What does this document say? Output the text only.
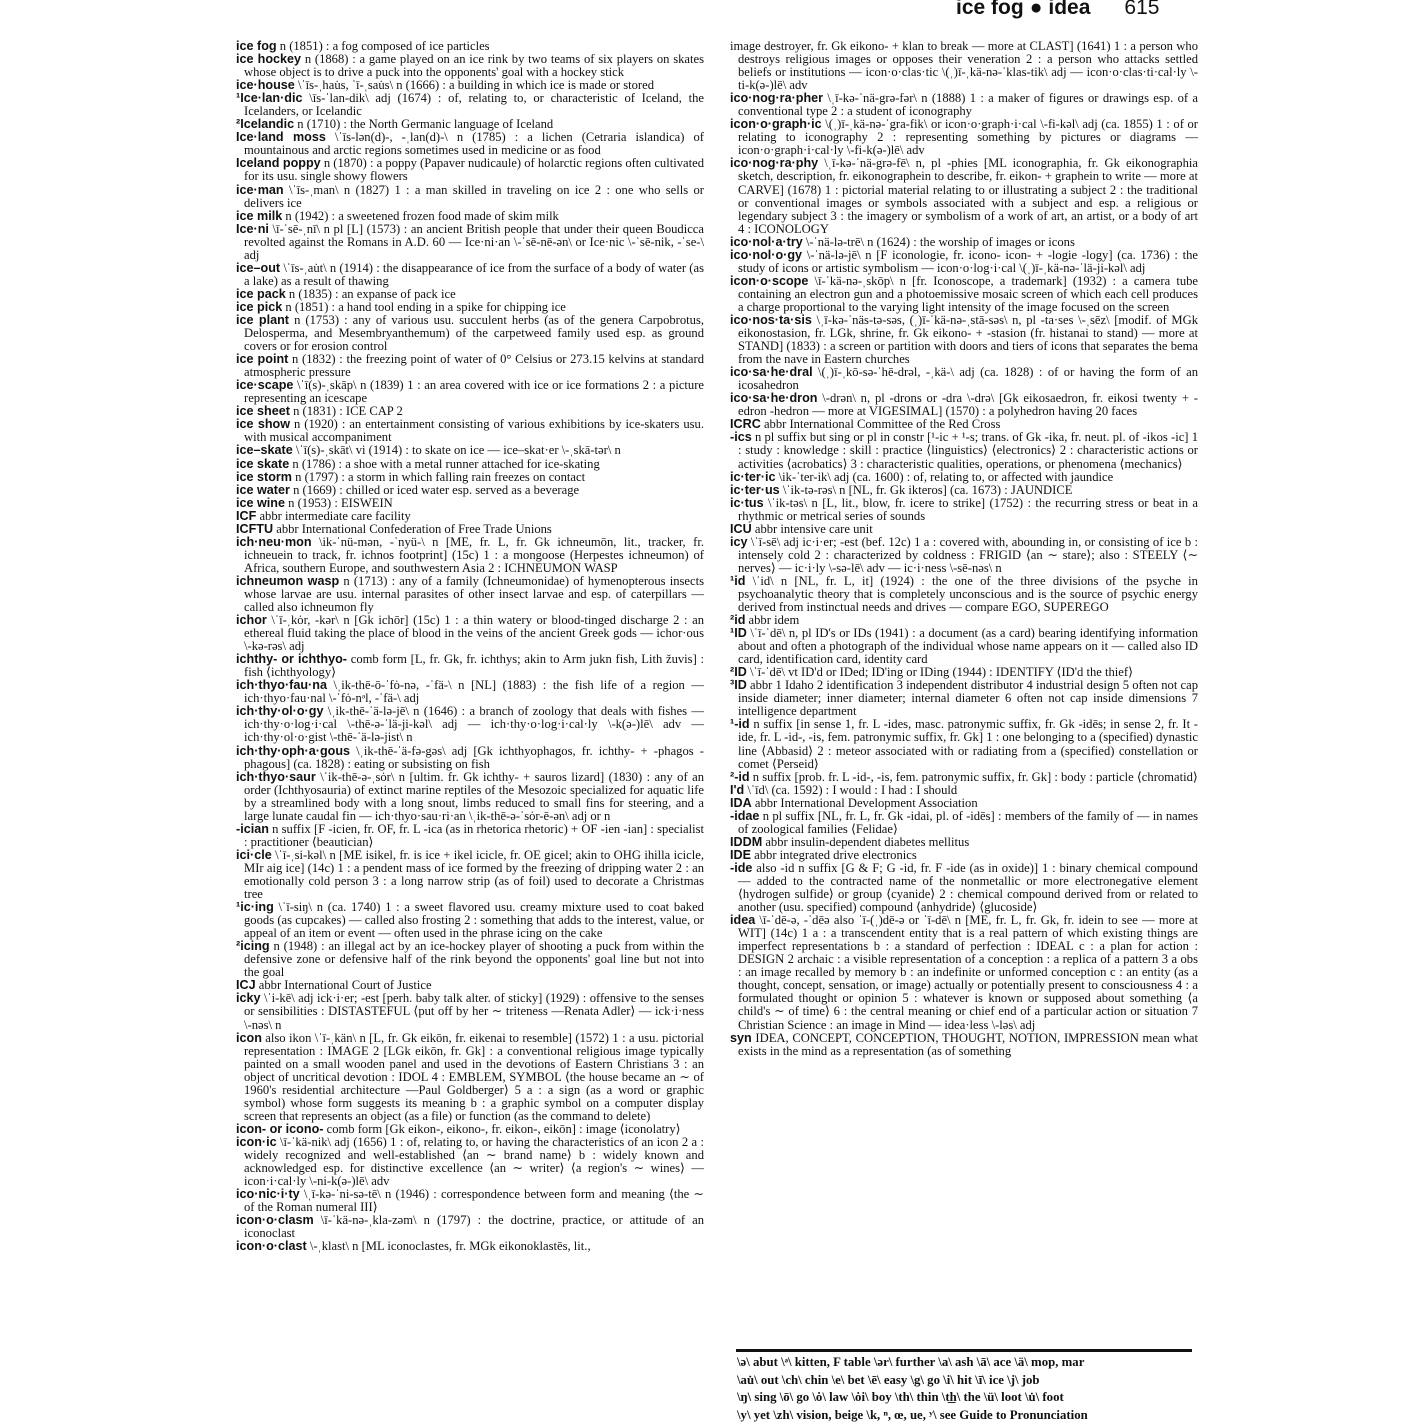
ice fog ● idea 615

ice fog n (1851) : a fog composed of ice particles

ice hockey n (1868) : a game played on an ice rink by two teams of six players on skates whose object is to drive a puck into the opponents' goal with a hockey stick

ice·house \ˈīs-ˌhau̇s, ˈī-ˌsau̇s\ n (1666) : a building in which ice is made or stored

¹Ice·lan·dic \īs-ˈlan-dik\ adj (1674) : of, relating to, or characteristic of Iceland, the Icelanders, or Icelandic

²Icelandic n (1710) : the North Germanic language of Iceland

Ice·land moss \ˈīs-lən(d)-, -ˌlan(d)-\ n (1785) : a lichen (Cetraria islandica) of mountainous and arctic regions sometimes used in medicine or as food

Iceland poppy n (1870) : a poppy (Papaver nudicaule) of holarctic regions often cultivated for its usu. single showy flowers

ice·man \ˈīs-ˌman\ n (1827) 1 : a man skilled in traveling on ice 2 : one who sells or delivers ice

ice milk n (1942) : a sweetened frozen food made of skim milk

Ice·ni \ī-ˈsē-ˌnī\ n pl [L] (1573) : an ancient British people that under their queen Boudicca revolted against the Romans in A.D. 60 — Ice·ni·an \-ˈsē-nē-ən\ or Ice·nic \-ˈsē-nik, -ˈse-\ adj

ice–out \ˈīs-ˌau̇t\ n (1914) : the disappearance of ice from the surface of a body of water (as a lake) as a result of thawing

ice pack n (1835) : an expanse of pack ice

ice pick n (1851) : a hand tool ending in a spike for chipping ice

ice plant n (1753) : any of various usu. succulent herbs (as of the genera Carpobrotus, Delosperma, and Mesembryanthemum) of the carpetweed family used esp. as ground covers or for erosion control

ice point n (1832) : the freezing point of water of 0° Celsius or 273.15 kelvins at standard atmospheric pressure

ice·scape \ˈī(s)-ˌskāp\ n (1839) 1 : an area covered with ice or ice formations 2 : a picture representing an icescape

ice sheet n (1831) : ICE CAP 2

ice show n (1920) : an entertainment consisting of various exhibitions by ice-skaters usu. with musical accompaniment

ice–skate \ˈī(s)-ˌskāt\ vi (1914) : to skate on ice — ice–skat·er \-ˌskā-tər\ n

ice skate n (1786) : a shoe with a metal runner attached for ice-skating

ice storm n (1797) : a storm in which falling rain freezes on contact

ice water n (1669) : chilled or iced water esp. served as a beverage

ice wine n (1953) : EISWEIN

ICF abbr intermediate care facility

ICFTU abbr International Confederation of Free Trade Unions

ich·neu·mon \ik-ˈnü-mən, -ˈnyü-\ n [ME, fr. L, fr. Gk ichneumōn, lit., tracker, fr. ichneuein to track, fr. ichnos footprint] (15c) 1 : a mongoose (Herpestes ichneumon) of Africa, southern Europe, and southwestern Asia 2 : ICHNEUMON WASP

ichneumon wasp n (1713) : any of a family (Ichneumonidae) of hymenopterous insects whose larvae are usu. internal parasites of other insect larvae and esp. of caterpillars — called also ichneumon fly

ichor \ˈī-ˌkȯr, -kər\ n [Gk ichōr] (15c) 1 : a thin watery or blood-tinged discharge 2 : an ethereal fluid taking the place of blood in the veins of the ancient Greek gods — ichor·ous \-kə-rəs\ adj

ichthy- or ichthyo- comb form [L, fr. Gk, fr. ichthys; akin to Arm jukn fish, Lith žuvis] : fish ⟨ichthyology⟩

ich·thyo·fau·na \ˌik-thē-ō-ˈfȯ-nə, -ˈfä-\ n [NL] (1883) : the fish life of a region — ich·thyo·fau·nal \-ˈfȯ-nᵊl, -ˈfä-\ adj

ich·thy·ol·o·gy \ˌik-thē-ˈä-lə-jē\ n (1646) : a branch of zoology that deals with fishes — ich·thy·o·log·i·cal \-thē-ə-ˈlä-ji-kəl\ adj — ich·thy·o·log·i·cal·ly \-k(ə-)lē\ adv — ich·thy·ol·o·gist \-thē-ˈä-lə-jist\ n

ich·thy·oph·a·gous \ˌik-thē-ˈä-fə-gəs\ adj [Gk ichthyophagos, fr. ichthy- + -phagos -phagous] (ca. 1828) : eating or subsisting on fish

ich·thyo·saur \ˈik-thē-ə-ˌsȯr\ n [ultim. fr. Gk ichthy- + sauros lizard] (1830) : any of an order (Ichthyosauria) of extinct marine reptiles of the Mesozoic specialized for aquatic life by a streamlined body with a long snout, limbs reduced to small fins for steering, and a large lunate caudal fin — ich·thyo·sau·ri·an \ˌik-thē-ə-ˈsȯr-ē-ən\ adj or n

-ician n suffix [F -icien, fr. OF, fr. L -ica (as in rhetorica rhetoric) + OF -ien -ian] : specialist : practitioner ⟨beautician⟩

ici·cle \ˈī-ˌsi-kəl\ n [ME isikel, fr. is ice + ikel icicle, fr. OE gicel; akin to OHG ihilla icicle, MIr aig ice] (14c) 1 : a pendent mass of ice formed by the freezing of dripping water 2 : an emotionally cold person 3 : a long narrow strip (as of foil) used to decorate a Christmas tree

¹ic·ing \ˈī-siŋ\ n (ca. 1740) 1 : a sweet flavored usu. creamy mixture used to coat baked goods (as cupcakes) — called also frosting 2 : something that adds to the interest, value, or appeal of an item or event — often used in the phrase icing on the cake

²icing n (1948) : an illegal act by an ice-hockey player of shooting a puck from within the defensive zone or defensive half of the rink beyond the opponents' goal line but not into the goal

ICJ abbr International Court of Justice

icky \ˈi-kē\ adj ick·i·er; -est [perh. baby talk alter. of sticky] (1929) : offensive to the senses or sensibilities : DISTASTEFUL ⟨put off by her ∼ triteness —Renata Adler⟩ — ick·i·ness \-nəs\ n

icon also ikon \ˈī-ˌkän\ n [L, fr. Gk eikōn, fr. eikenai to resemble] (1572) 1 : a usu. pictorial representation : IMAGE 2 [LGk eikōn, fr. Gk] : a conventional religious image typically painted on a small wooden panel and used in the devotions of Eastern Christians 3 : an object of uncritical devotion : IDOL 4 : EMBLEM, SYMBOL ⟨the house became an ∼ of 1960's residential architecture —Paul Goldberger⟩ 5 a : a sign (as a word or graphic symbol) whose form suggests its meaning b : a graphic symbol on a computer display screen that represents an object (as a file) or function (as the command to delete)

icon- or icono- comb form [Gk eikon-, eikono-, fr. eikon-, eikōn] : image ⟨iconolatry⟩

icon·ic \ī-ˈkä-nik\ adj (1656) 1 : of, relating to, or having the characteristics of an icon 2 a : widely recognized and well-established ⟨an ∼ brand name⟩ b : widely known and acknowledged esp. for distinctive excellence ⟨an ∼ writer⟩ ⟨a region's ∼ wines⟩ — icon·i·cal·ly \-ni-k(ə-)lē\ adv

ico·nic·i·ty \ˌī-kə-ˈni-sə-tē\ n (1946) : correspondence between form and meaning ⟨the ∼ of the Roman numeral III⟩

icon·o·clasm \ī-ˈkä-nə-ˌkla-zəm\ n (1797) : the doctrine, practice, or attitude of an iconoclast

icon·o·clast \-ˌklast\ n [ML iconoclastes, fr. MGk eikonoklastēs, lit.,

image destroyer, fr. Gk eikono- + klan to break — more at CLAST] (1641) 1 : a person who destroys religious images or opposes their veneration 2 : a person who attacks settled beliefs or institutions — icon·o·clas·tic \(ˌ)ī-ˌkä-nə-ˈklas-tik\ adj — icon·o·clas·ti·cal·ly \-ti-k(ə-)lē\ adv

ico·nog·ra·pher \ˌī-kə-ˈnä-grə-fər\ n (1888) 1 : a maker of figures or drawings esp. of a conventional type 2 : a student of iconography

icon·o·graph·ic \(ˌ)ī-ˌkä-nə-ˈgra-fik\ or icon·o·graph·i·cal \-fi-kəl\ adj (ca. 1855) 1 : of or relating to iconography 2 : representing something by pictures or diagrams — icon·o·graph·i·cal·ly \-fi-k(ə-)lē\ adv

ico·nog·ra·phy \ˌī-kə-ˈnä-grə-fē\ n, pl -phies [ML iconographia, fr. Gk eikonographia sketch, description, fr. eikonographein to describe, fr. eikon- + graphein to write — more at CARVE] (1678) 1 : pictorial material relating to or illustrating a subject 2 : the traditional or conventional images or symbols associated with a subject and esp. a religious or legendary subject 3 : the imagery or symbolism of a work of art, an artist, or a body of art 4 : ICONOLOGY

ico·nol·a·try \-ˈnä-lə-trē\ n (1624) : the worship of images or icons

ico·nol·o·gy \-ˈnä-lə-jē\ n [F iconologie, fr. icono- icon- + -logie -logy] (ca. 1736) : the study of icons or artistic symbolism — icon·o·log·i·cal \(ˌ)ī-ˌkä-nə-ˈlä-ji-kəl\ adj

icon·o·scope \ī-ˈkä-nə-ˌskōp\ n [fr. Iconoscope, a trademark] (1932) : a camera tube containing an electron gun and a photoemissive mosaic screen of which each cell produces a charge proportional to the varying light intensity of the image focused on the screen

ico·nos·ta·sis \ˌī-kə-ˈnäs-tə-səs, (ˌ)ī-ˈkä-nə-ˌstā-səs\ n, pl -ta·ses \-ˌsēz\ [modif. of MGk eikonostasion, fr. LGk, shrine, fr. Gk eikono- + -stasion (fr. histanai to stand) — more at STAND] (1833) : a screen or partition with doors and tiers of icons that separates the bema from the nave in Eastern churches

ico·sa·he·dral \(ˌ)ī-ˌkō-sə-ˈhē-drəl, -ˌkä-\ adj (ca. 1828) : of or having the form of an icosahedron

ico·sa·he·dron \-drən\ n, pl -drons or -dra \-drə\ [Gk eikosaedron, fr. eikosi twenty + -edron -hedron — more at VIGESIMAL] (1570) : a polyhedron having 20 faces

ICRC abbr International Committee of the Red Cross

-ics n pl suffix but sing or pl in constr [¹-ic + ¹-s; trans. of Gk -ika, fr. neut. pl. of -ikos -ic] 1 : study : knowledge : skill : practice ⟨linguistics⟩ ⟨electronics⟩ 2 : characteristic actions or activities ⟨acrobatics⟩ 3 : characteristic qualities, operations, or phenomena ⟨mechanics⟩

ic·ter·ic \ik-ˈter-ik\ adj (ca. 1600) : of, relating to, or affected with jaundice

ic·ter·us \ˈik-tə-rəs\ n [NL, fr. Gk ikteros] (ca. 1673) : JAUNDICE

ic·tus \ˈik-təs\ n [L, lit., blow, fr. icere to strike] (1752) : the recurring stress or beat in a rhythmic or metrical series of sounds

ICU abbr intensive care unit

icy \ˈī-sē\ adj ic·i·er; -est (bef. 12c) 1 a : covered with, abounding in, or consisting of ice b : intensely cold 2 : characterized by coldness : FRIGID ⟨an ∼ stare⟩; also : STEELY ⟨∼ nerves⟩ — ic·i·ly \-sə-lē\ adv — ic·i·ness \-sē-nəs\ n

¹id \ˈid\ n [NL, fr. L, it] (1924) : the one of the three divisions of the psyche in psychoanalytic theory that is completely unconscious and is the source of psychic energy derived from instinctual needs and drives — compare EGO, SUPEREGO

²id abbr idem

¹ID \ˈī-ˈdē\ n, pl ID's or IDs (1941) : a document (as a card) bearing identifying information about and often a photograph of the individual whose name appears on it — called also ID card, identification card, identity card

²ID \ˈī-ˈdē\ vt ID'd or IDed; ID'ing or IDing (1944) : IDENTIFY ⟨ID'd the thief⟩

³ID abbr 1 Idaho 2 identification 3 independent distributor 4 industrial design 5 often not cap inside diameter; inner diameter; internal diameter 6 often not cap inside dimensions 7 intelligence department

¹-id n suffix [in sense 1, fr. L -ides, masc. patronymic suffix, fr. Gk -idēs; in sense 2, fr. It -ide, fr. L -id-, -is, fem. patronymic suffix, fr. Gk] 1 : one belonging to a (specified) dynastic line ⟨Abbasid⟩ 2 : meteor associated with or radiating from a (specified) constellation or comet ⟨Perseid⟩

²-id n suffix [prob. fr. L -id-, -is, fem. patronymic suffix, fr. Gk] : body : particle ⟨chromatid⟩

I'd \ˈīd\ (ca. 1592) : I would : I had : I should

IDA abbr International Development Association

-idae n pl suffix [NL, fr. L, fr. Gk -idai, pl. of -idēs] : members of the family of — in names of zoological families ⟨Felidae⟩

IDDM abbr insulin-dependent diabetes mellitus

IDE abbr integrated drive electronics

-ide also -id n suffix [G & F; G -id, fr. F -ide (as in oxide)] 1 : binary chemical compound — added to the contracted name of the nonmetallic or more electronegative element ⟨hydrogen sulfide⟩ or group ⟨cyanide⟩ 2 : chemical compound derived from or related to another (usu. specified) compound ⟨anhydride⟩ ⟨glucoside⟩

idea \ī-ˈdē-ə, -ˈdēə also ˈī-(ˌ)dē-ə or ˈī-dē\ n [ME, fr. L, fr. Gk, fr. idein to see — more at WIT] (14c) 1 a : a transcendent entity that is a real pattern of which existing things are imperfect representations b : a standard of perfection : IDEAL c : a plan for action : DESIGN 2 archaic : a visible representation of a conception : a replica of a pattern 3 a obs : an image recalled by memory b : an indefinite or unformed conception c : an entity (as a thought, concept, sensation, or image) actually or potentially present to consciousness 4 : a formulated thought or opinion 5 : whatever is known or supposed about something ⟨a child's ∼ of time⟩ 6 : the central meaning or chief end of a particular action or situation 7 Christian Science : an image in Mind — idea·less \-ləs\ adj

syn IDEA, CONCEPT, CONCEPTION, THOUGHT, NOTION, IMPRESSION mean what exists in the mind as a representation (as of something

\ə\ abut \ᵊ\ kitten, F table \ər\ further \a\ ash \ā\ ace \ä\ mop, mar
\au̇\ out \ch\ chin \e\ bet \ē\ easy \g\ go \i\ hit \ī\ ice \j\ job
\ŋ\ sing \ō\ go \ȯ\ law \ȯi\ boy \th\ thin \t͟h\ the \ü\ loot \u̇\ foot
\y\ yet \zh\ vision, beige \k, ⁿ, œ, ue, ʸ\ see Guide to Pronunciation
